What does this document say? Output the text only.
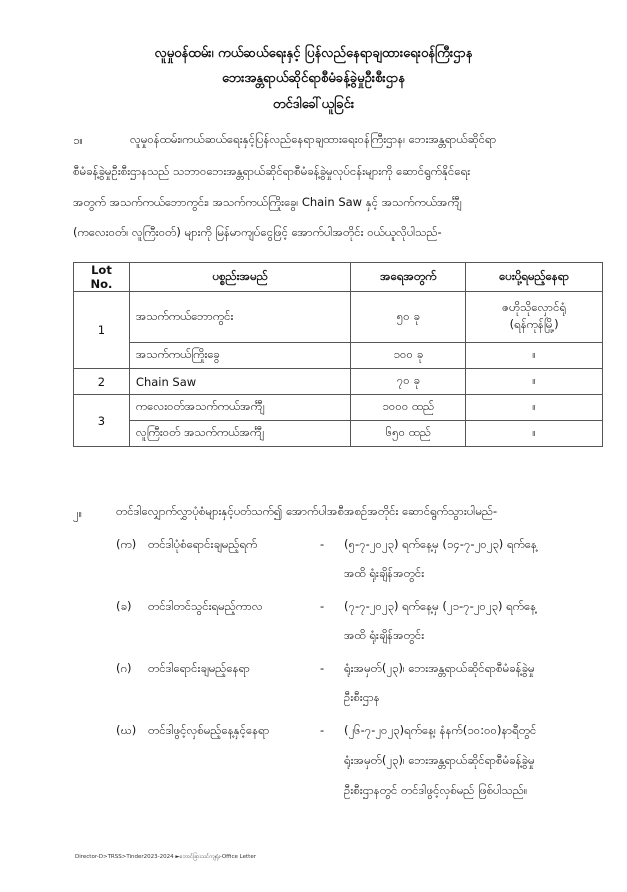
လူမှုဝန်ထမ်း၊ ကယ်ဆယ်ရေးနှင့် ပြန်လည်နေရာချထားရေးဝန်ကြီးဌာန
ဘေးအန္တရာယ်ဆိုင်ရာစီမံခန့်ခွဲမှုဦးစီးဌာန
တင်ဒါခေါ်ယူခြင်း
၁။	လူမှုဝန်ထမ်း၊ကယ်ဆယ်ရေးနှင့်ပြန်လည်နေရာချထားရေးဝန်ကြီးဌာန၊ ဘေးအန္တရာယ်ဆိုင်ရာ
စီမံခန့်ခွဲမှုဦးစီးဌာနသည် သဘာဝဘေးအန္တရာယ်ဆိုင်ရာစီမံခန့်ခွဲမှုလုပ်ငန်းများကို ဆောင်ရွက်နိုင်ရေး
အတွက် အသက်ကယ်ဘောကွင်း၊ အသက်ကယ်ကြိုးခွေ၊ Chain Saw နှင့် အသက်ကယ်အင်္ကျီ
(ကလေးဝတ်၊ လူကြီးဝတ်) များကို မြန်မာကျပ်ငွေဖြင့် အောက်ပါအတိုင်း ဝယ်ယူလိုပါသည်-
Lot No.	ပစ္စည်းအမည်	အရေအတွက်	ပေးပို့ရမည့်နေရာ
1	အသက်ကယ်ဘောကွင်း	၅၀ ခု	ဇဟိုသိုလှောင်ရုံ
(ရန်ကုန်မြို့)

	အသက်ကယ်ကြိုးခွေ	၁၀၀ ခု	။
2	Chain Saw	၇၀ ခု	။
3	ကလေးဝတ်အသက်ကယ်အင်္ကျီ	၁၀၀၀ ထည်	။
	လူကြီးဝတ် အသက်ကယ်အင်္ကျီ	၆၅၀ ထည်	။
၂။	တင်ဒါလျှောက်လွှာပုံစံများနှင့်ပတ်သက်၍ အောက်ပါအစီအစဉ်အတိုင်း ဆောင်ရွက်သွားပါမည်-
(က) တင်ဒါပုံစံရောင်းချမည့်ရက်	- (၅-၇-၂၀၂၃) ရက်နေ့မှ (၁၄-၇-၂၀၂၃) ရက်နေ့
အထိ ရုံးချိန်အတွင်း
(ခ) တင်ဒါတင်သွင်းရမည့်ကာလ	- (၇-၇-၂၀၂၃) ရက်နေ့မှ (၂၁-၇-၂၀၂၃) ရက်နေ့
အထိ ရုံးချိန်အတွင်း
(ဂ) တင်ဒါရောင်းချမည့်နေရာ	- ရုံးအမှတ်(၂၃)၊ ဘေးအန္တရာယ်ဆိုင်ရာစီမံခန့်ခွဲမှု
ဦးစီးဌာန
(ဃ) တင်ဒါဖွင့်လှစ်မည့်နေ့နှင့်နေရာ	- (၂၆-၇-၂၀၂၃)ရက်နေ့၊ နံနက်(၁၀:၀၀)နာရီတွင်
ရုံးအမှတ်(၂၃)၊ ဘေးအန္တရာယ်ဆိုင်ရာစီမံခန့်ခွဲမှု
ဦးစီးဌာနတွင် တင်ဒါဖွင့်လှစ်မည် ဖြစ်ပါသည်။
Director-D>TRSS>Tinder2023-2024 ►ဘောင်ခြားသင်ကျရုံး-Office Letter
